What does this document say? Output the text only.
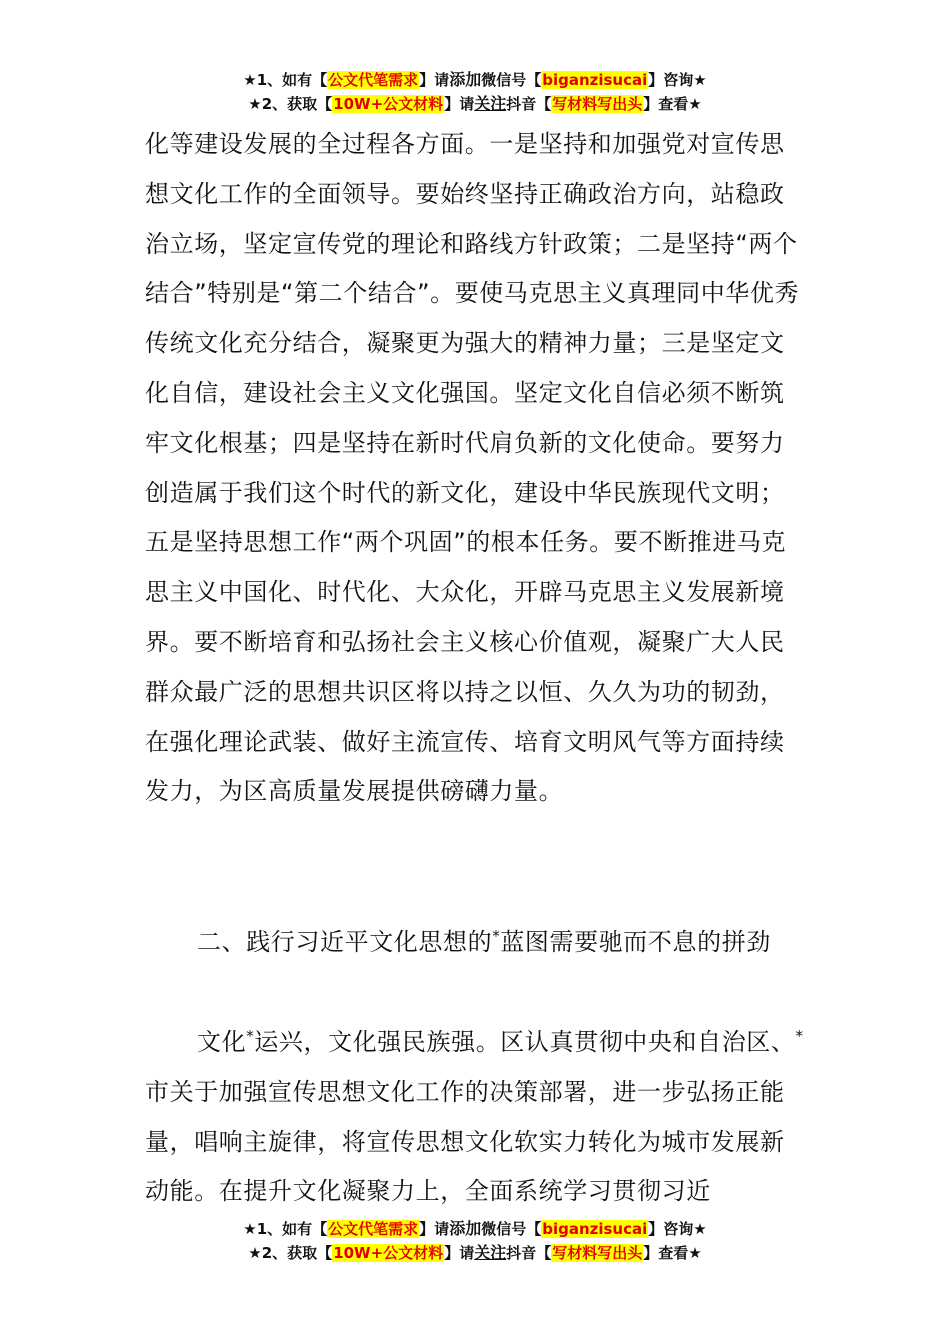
★1、如有【公文代笔需求】请添加微信号【biganzisucai】咨询★
★2、获取【10W+公文材料】请关注抖音【写材料写出头】查看★

化等建设发展的全过程各方面。一是坚持和加强党对宣传思想文化工作的全面领导。要始终坚持正确政治方向，站稳政治立场，坚定宣传党的理论和路线方针政策；二是坚持“两个结合”特别是“第二个结合”。要使马克思主义真理同中华优秀传统文化充分结合，凝聚更为强大的精神力量；三是坚定文化自信，建设社会主义文化强国。坚定文化自信必须不断筑牢文化根基；四是坚持在新时代肩负新的文化使命。要努力创造属于我们这个时代的新文化，建设中华民族现代文明；五是坚持思想工作“两个巩固”的根本任务。要不断推进马克思主义中国化、时代化、大众化，开辟马克思主义发展新境界。要不断培育和弘扬社会主义核心价值观，凝聚广大人民群众最广泛的思想共识区将以持之以恒、久久为功的韧劲，在强化理论武装、做好主流宣传、培育文明风气等方面持续发力，为区高质量发展提供磅礴力量。

二、践行习近平文化思想的*蓝图需要驰而不息的拼劲

文化*运兴，文化强民族强。区认真贯彻中央和自治区、*市关于加强宣传思想文化工作的决策部署，进一步弘扬正能量，唱响主旋律，将宣传思想文化软实力转化为城市发展新动能。在提升文化凝聚力上，全面系统学习贯彻习近

★1、如有【公文代笔需求】请添加微信号【biganzisucai】咨询★
★2、获取【10W+公文材料】请关注抖音【写材料写出头】查看★
